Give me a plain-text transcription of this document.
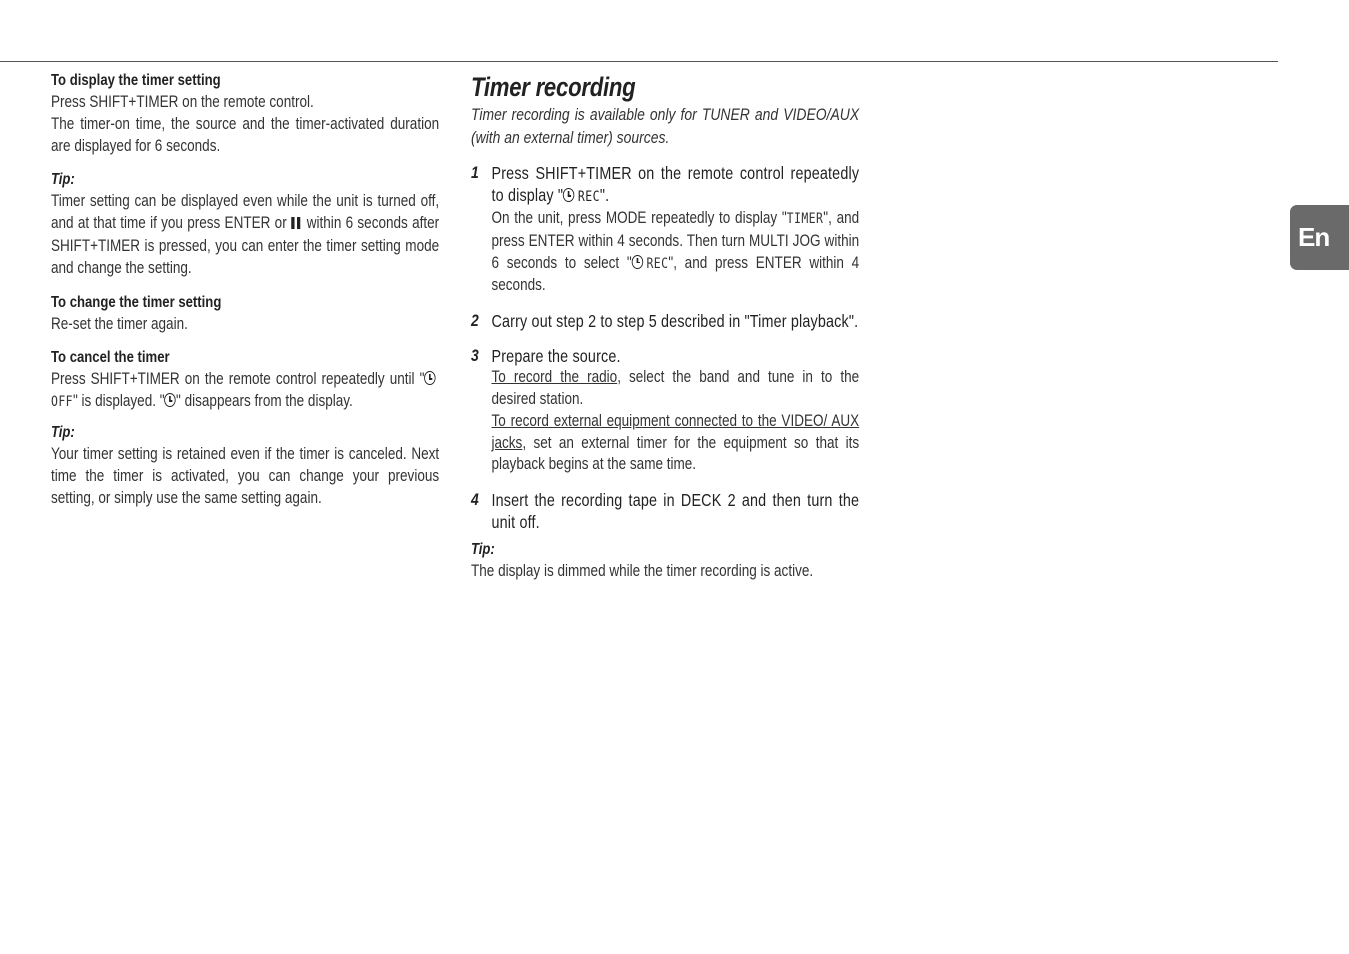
To display the timer setting

Press SHIFT+TIMER on the remote control.

The timer-on time, the source and the timer-activated duration are displayed for 6 seconds.

Tip:

Timer setting can be displayed even while the unit is turned off, and at that time if you press ENTER or within 6 seconds after SHIFT+TIMER is pressed, you can enter the timer setting mode and change the setting.

To change the timer setting

Re-set the timer again.

To cancel the timer

Press SHIFT+TIMER on the remote control repeatedly until "OFF" is displayed. " " disappears from the display.

Tip:

Your timer setting is retained even if the timer is canceled. Next time the timer is activated, you can change your previous setting, or simply use the same setting again.

Timer recording

Timer recording is available only for TUNER and VIDEO/AUX (with an external timer) sources.

1 Press SHIFT+TIMER on the remote control repeatedly to display " REC".

On the unit, press MODE repeatedly to display "TIMER", and press ENTER within 4 seconds. Then turn MULTI JOG within 6 seconds to select " REC", and press ENTER within 4 seconds.

2 Carry out step 2 to step 5 described in "Timer playback".

3 Prepare the source.

To record the radio, select the band and tune in to the desired station.

To record external equipment connected to the VIDEO/ AUX jacks, set an external timer for the equipment so that its playback begins at the same time.

4 Insert the recording tape in DECK 2 and then turn the unit off.

Tip:

The display is dimmed while the timer recording is active.

En
